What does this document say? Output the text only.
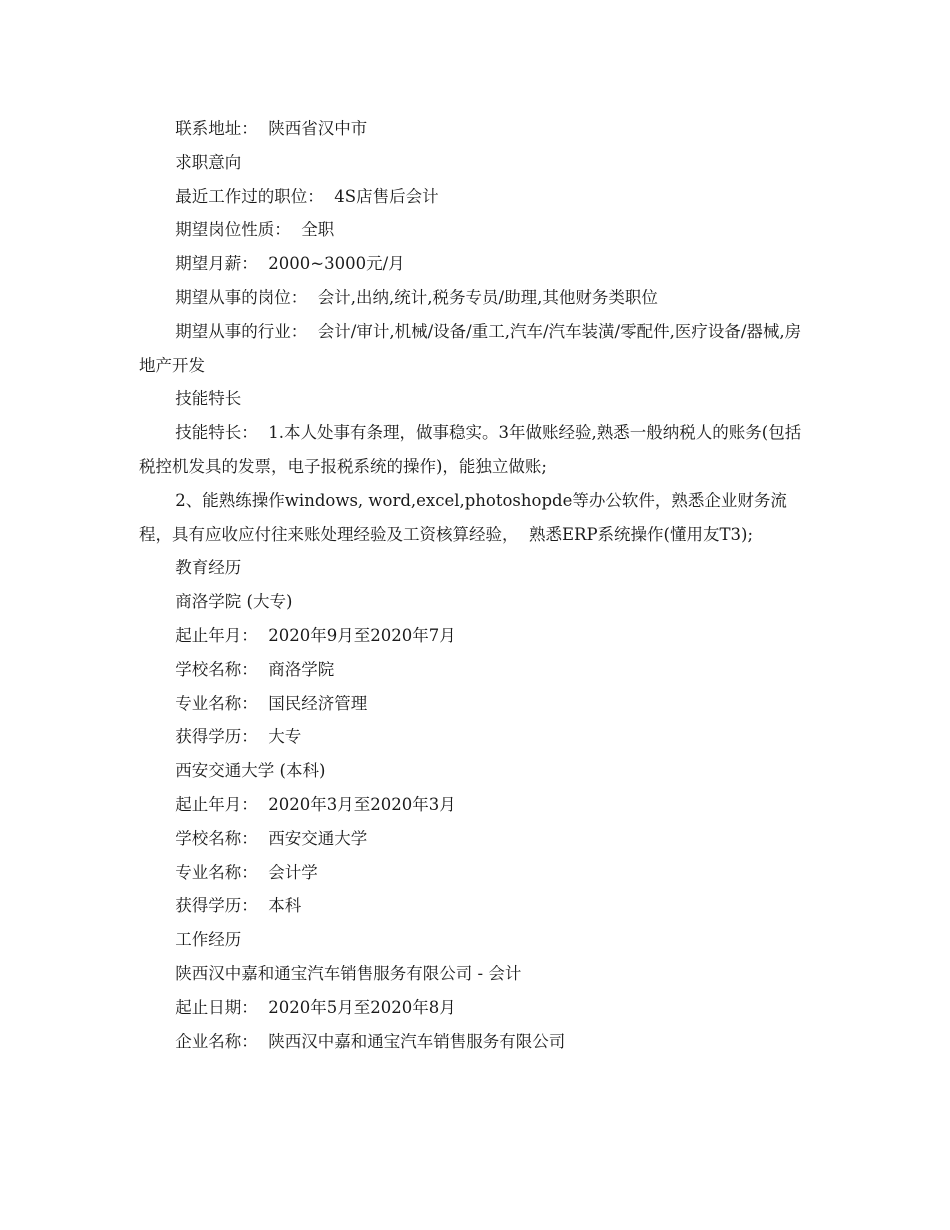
联系地址：  陕西省汉中市

求职意向

最近工作过的职位：  4S店售后会计

期望岗位性质：  全职

期望月薪：  2000~3000元/月

期望从事的岗位：  会计,出纳,统计,税务专员/助理,其他财务类职位

期望从事的行业：  会计/审计,机械/设备/重工,汽车/汽车装潢/零配件,医疗设备/器械,房地产开发

技能特长

技能特长：  1.本人处事有条理，做事稳实。3年做账经验,熟悉一般纳税人的账务(包括税控机发具的发票，电子报税系统的操作)，能独立做账;

2、能熟练操作windows, word,excel,photoshopde等办公软件，熟悉企业财务流程，具有应收应付往来账处理经验及工资核算经验，  熟悉ERP系统操作(懂用友T3);

教育经历

商洛学院 (大专)

起止年月：  2020年9月至2020年7月

学校名称：  商洛学院

专业名称：  国民经济管理

获得学历：  大专

西安交通大学 (本科)

起止年月：  2020年3月至2020年3月

学校名称：  西安交通大学

专业名称：  会计学

获得学历：  本科

工作经历

陕西汉中嘉和通宝汽车销售服务有限公司 - 会计

起止日期：  2020年5月至2020年8月

企业名称：  陕西汉中嘉和通宝汽车销售服务有限公司
